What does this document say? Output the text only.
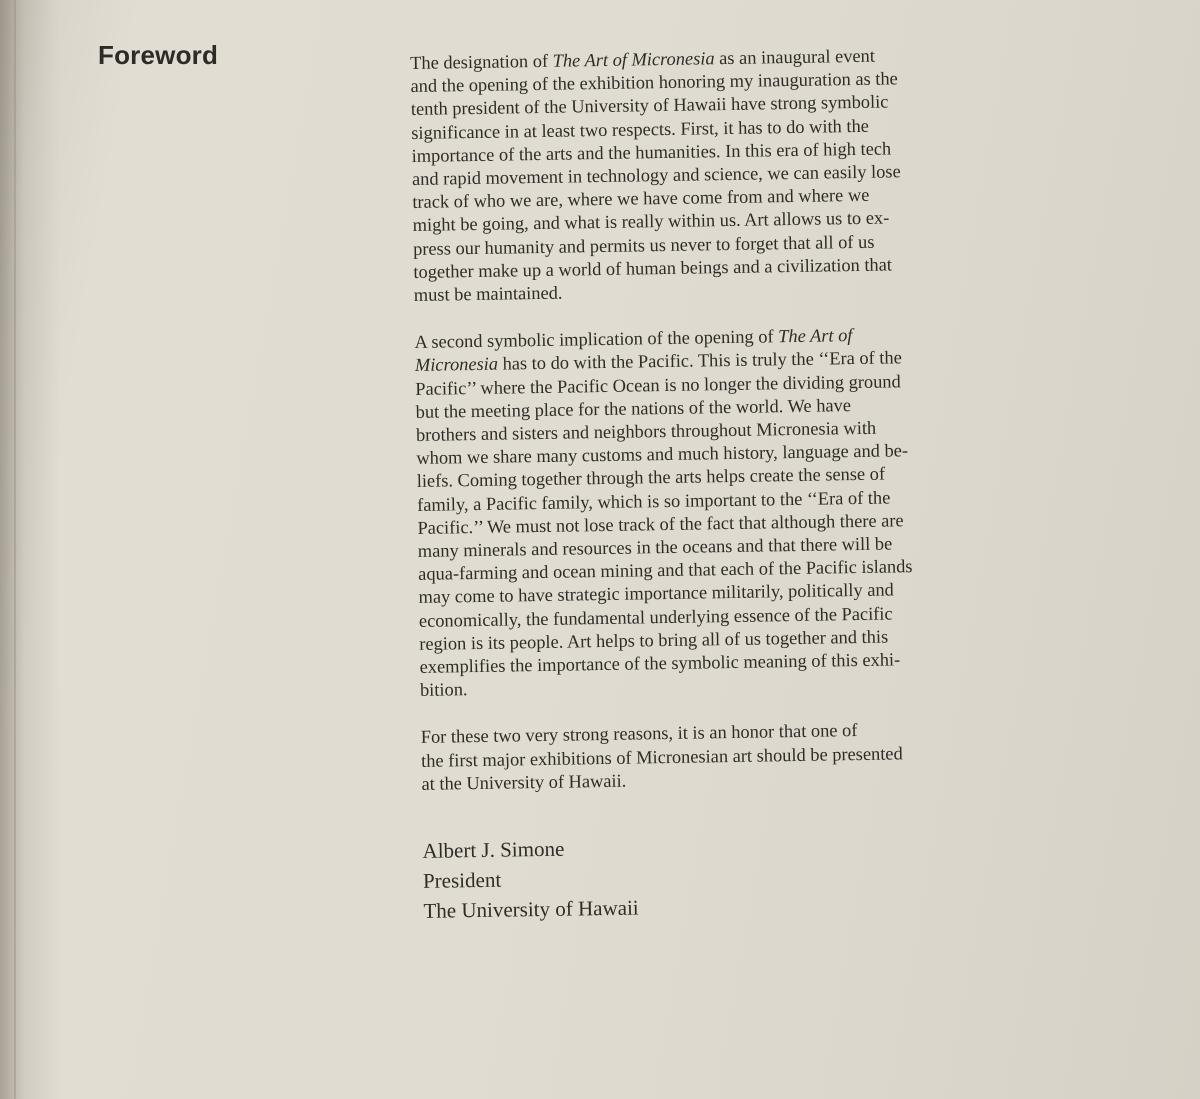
Foreword	The designation of The Art of Micronesia as an inaugural event
and the opening of the exhibition honoring my inauguration as the
tenth president of the University of Hawaii have strong symbolic
significance in at least two respects. First, it has to do with the
importance of the arts and the humanities. In this era of high tech
and rapid movement in technology and science, we can easily lose
track of who we are, where we have come from and where we
might be going, and what is really within us. Art allows us to ex-
press our humanity and permits us never to forget that all of us
together make up a world of human beings and a civilization that
must be maintained.

A second symbolic implication of the opening of The Art of
Micronesia has to do with the Pacific. This is truly the ‘‘Era of the
Pacific’’ where the Pacific Ocean is no longer the dividing ground
but the meeting place for the nations of the world. We have
brothers and sisters and neighbors throughout Micronesia with
whom we share many customs and much history, language and be-
liefs. Coming together through the arts helps create the sense of
family, a Pacific family, which is so important to the ‘‘Era of the
Pacific.’’ We must not lose track of the fact that although there are
many minerals and resources in the oceans and that there will be
aqua-farming and ocean mining and that each of the Pacific islands
may come to have strategic importance militarily, politically and
economically, the fundamental underlying essence of the Pacific
region is its people. Art helps to bring all of us together and this
exemplifies the importance of the symbolic meaning of this exhi-
bition.

For these two very strong reasons, it is an honor that one of
the first major exhibitions of Micronesian art should be presented
at the University of Hawaii.

Albert J. Simone
President
The University of Hawaii
